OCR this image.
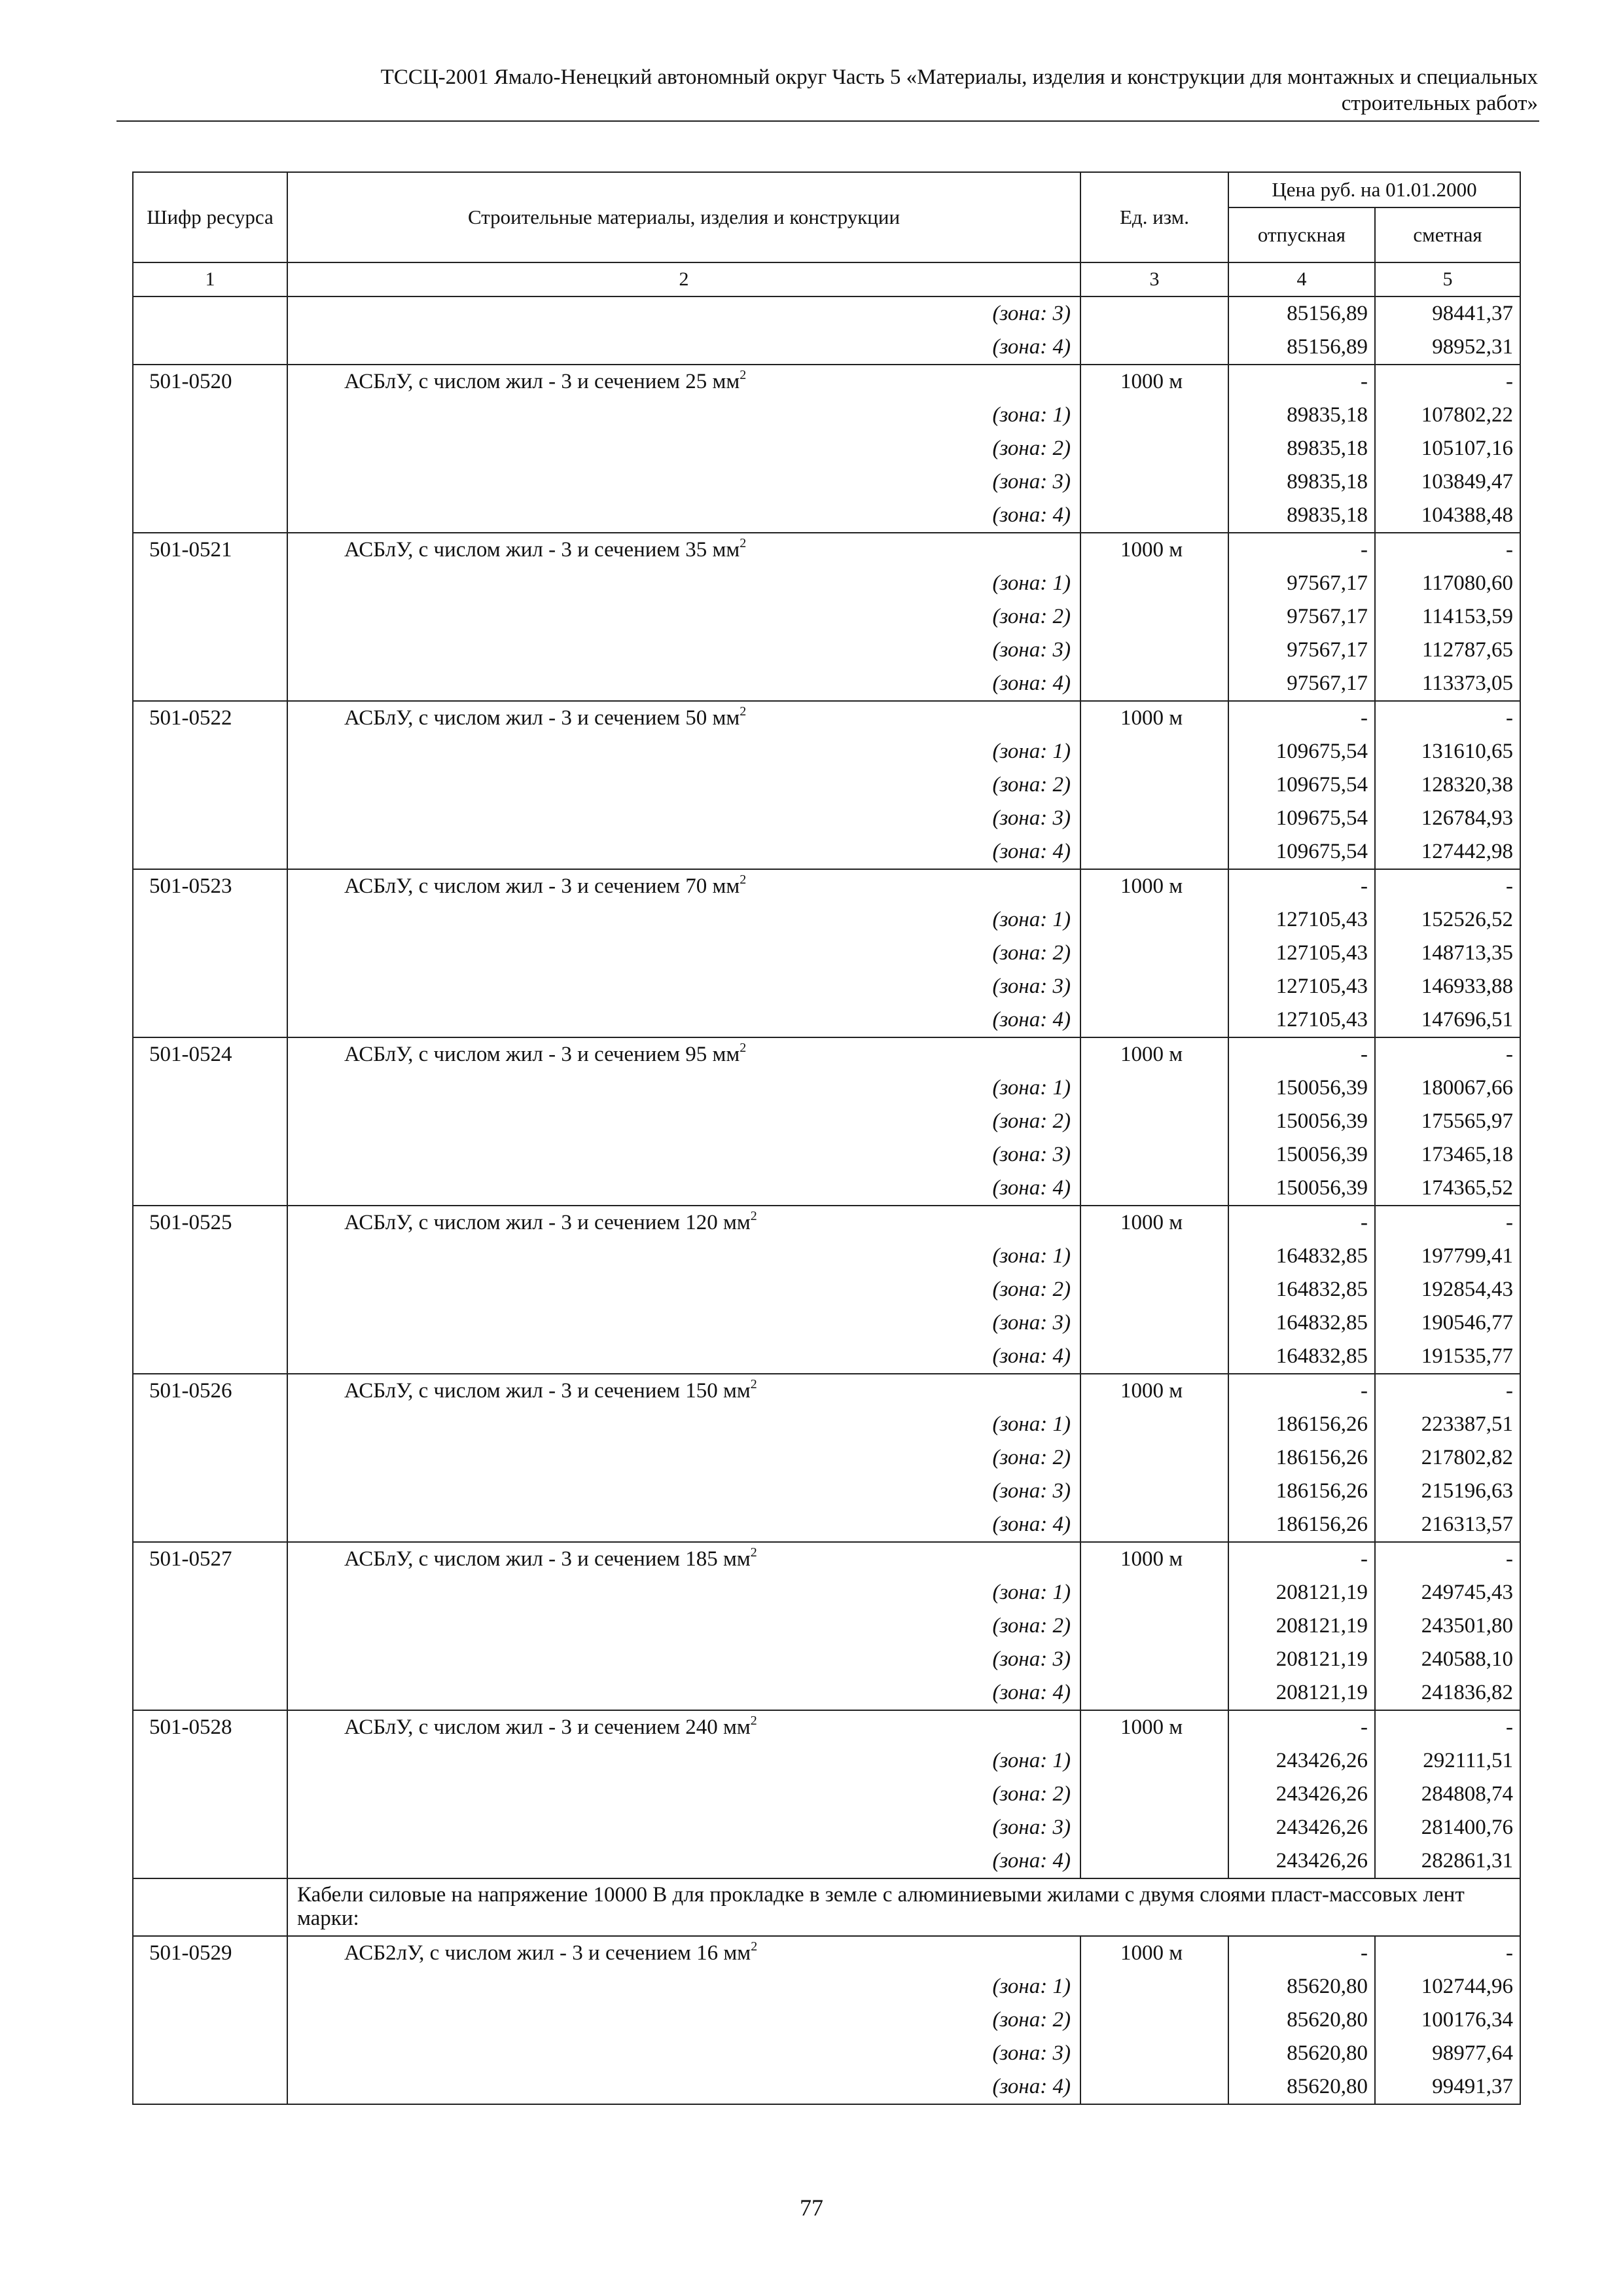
ТССЦ-2001 Ямало-Ненецкий автономный округ Часть 5 «Материалы, изделия и конструкции для монтажных и специальных
строительных работ»
Шифр ресурса	Строительные материалы, изделия и конструкции	Ед. изм.	Цена руб. на 01.01.2000	
			отпускная	сметная
1	2	3	4	5
	(зона: 3)		85156,89	98441,37
	(зона: 4)		85156,89	98952,31
501-0520	АСБлУ, с числом жил - 3 и сечением 25 $мм^2$	1000 м	-	-
	(зона: 1)		89835,18	107802,22
	(зона: 2)		89835,18	105107,16
	(зона: 3)		89835,18	103849,47
	(зона: 4)		89835,18	104388,48
501-0521	АСБлУ, с числом жил - 3 и сечением 35 $мм^2$	1000 м	-	-
	(зона: 1)		97567,17	117080,60
	(зона: 2)		97567,17	114153,59
	(зона: 3)		97567,17	112787,65
	(зона: 4)		97567,17	113373,05
501-0522	АСБлУ, с числом жил - 3 и сечением 50 $мм^2$	1000 м	-	-
	(зона: 1)		109675,54	131610,65
	(зона: 2)		109675,54	128320,38
	(зона: 3)		109675,54	126784,93
	(зона: 4)		109675,54	127442,98
501-0523	АСБлУ, с числом жил - 3 и сечением 70 $мм^2$	1000 м	-	-
	(зона: 1)		127105,43	152526,52
	(зона: 2)		127105,43	148713,35
	(зона: 3)		127105,43	146933,88
	(зона: 4)		127105,43	147696,51
501-0524	АСБлУ, с числом жил - 3 и сечением 95 $мм^2$	1000 м	-	-
	(зона: 1)		150056,39	180067,66
	(зона: 2)		150056,39	175565,97
	(зона: 3)		150056,39	173465,18
	(зона: 4)		150056,39	174365,52
501-0525	АСБлУ, с числом жил - 3 и сечением 120 $мм^2$	1000 м	-	-
	(зона: 1)		164832,85	197799,41
	(зона: 2)		164832,85	192854,43
	(зона: 3)		164832,85	190546,77
	(зона: 4)		164832,85	191535,77
501-0526	АСБлУ, с числом жил - 3 и сечением 150 $мм^2$	1000 м	-	-
	(зона: 1)		186156,26	223387,51
	(зона: 2)		186156,26	217802,82
	(зона: 3)		186156,26	215196,63
	(зона: 4)		186156,26	216313,57
501-0527	АСБлУ, с числом жил - 3 и сечением 185 $мм^2$	1000 м	-	-
	(зона: 1)		208121,19	249745,43
	(зона: 2)		208121,19	243501,80
	(зона: 3)		208121,19	240588,10
	(зона: 4)		208121,19	241836,82
501-0528	АСБлУ, с числом жил - 3 и сечением 240 $мм^2$	1000 м	-	-
	(зона: 1)		243426,26	292111,51
	(зона: 2)		243426,26	284808,74
	(зона: 3)		243426,26	281400,76
	(зона: 4)		243426,26	282861,31
	Кабели силовые на напряжение 10000 В для прокладке в земле с алюминиевыми жилами с двумя слоями пласт-массовых лент марки:			
501-0529	АСБ2лУ, с числом жил - 3 и сечением 16 $мм^2$	1000 м	-	-
	(зона: 1)		85620,80	102744,96
	(зона: 2)		85620,80	100176,34
	(зона: 3)		85620,80	98977,64
	(зона: 4)		85620,80	99491,37
77
